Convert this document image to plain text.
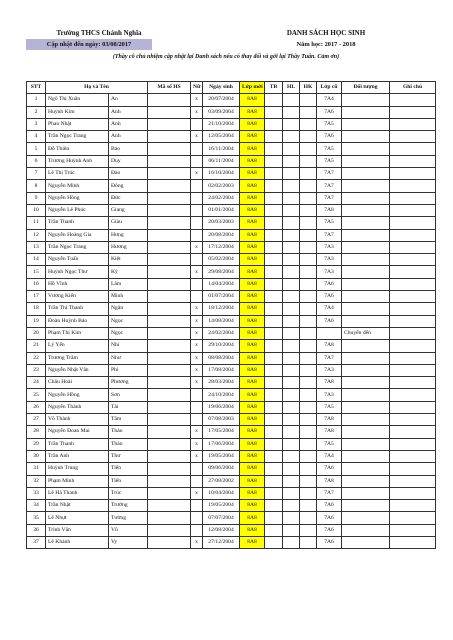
Trường THCS Chánh Nghĩa
Cập nhật đến ngày: 03/08/2017
DANH SÁCH HỌC SINH
Năm học: 2017 - 2018
(Thầy cô chủ nhiệm cập nhật lại Danh sách nếu có thay đổi và gởi lại Thầy Tuấn. Cảm ơn)
STT	Họ và Tên		Mã số HS	Nữ	Ngày sinh	Lớp mới	TB	HL	HK	Lớp cũ	Đối tượng	Ghi chú
1	Ngô Thị Xuân	An		x	20/07/2004	8A8				7A4		
2	Huỳnh Kim	Anh		x	03/09/2004	8A8				7A6		
3	Phan Nhật	Anh			21/10/2004	8A8				7A5		
4	Trần Ngọc Trang	Anh		x	12/05/2004	8A8				7A6		
5	Đỗ Thiên	Bảo			16/11/2004	8A8				7A5		
6	Trương Huỳnh Anh	Duy			06/11/2004	8A8				7A5		
7	Lê Thị Trúc	Đào		x	16/10/2004	8A8				7A7		
8	Nguyễn Minh	Đông			02/02/2003	8A8				7A7		
9	Nguyễn Hồng	Đức			24/02/2004	8A8				7A7		
10	Nguyễn Lê Phúc	Giang			01/01/2004	8A8				7A8		
11	Trần Thanh	Giàu			20/03/2003	8A8				7A5		
12	Nguyễn Hoàng Gia	Hưng			20/08/2004	8A8				7A7		
13	Trần Ngọc Trang	Hương		x	17/12/2004	8A8				7A3		
14	Nguyễn Tuấn	Kiệt			05/02/2004	8A8				7A3		
15	Huỳnh Ngọc Thư	Kỳ		x	29/08/2004	8A8				7A3		
16	Hồ Vĩnh	Lâm			14/04/2004	8A8				7A6		
17	Vương Kiến	Minh			01/07/2004	8A8				7A6		
18	Trần Thị Thanh	Ngân		x	18/12/2004	8A8				7A4		
19	Đoàn Huỳnh Bảo	Ngọc		x	14/08/2004	8A8				7A6		
20	Phạm Thị Kim	Ngọc		x	24/02/2004	8A8					Chuyển đến	
21	Lý Yến	Nhi		x	29/10/2004	8A8				7A8		
22	Trương Trâm	Như		x	08/08/2004	8A8				7A7		
23	Nguyễn Nhật Văn	Phi		x	17/08/2004	8A8				7A3		
24	Châu Hoài	Phương		x	28/03/2004	8A8				7A8		
25	Nguyễn Hồng	Sơn			24/10/2004	8A8				7A3		
26	Nguyễn Thành	Tài			19/06/2004	8A8				7A5		
27	Võ Thành	Tâm			07/08/2003	8A8				7A8		
28	Nguyễn Đoan Mai	Thảo		x	17/05/2004	8A8				7A8		
29	Trần Thanh	Thảo		x	17/06/2004	8A8				7A5		
30	Trần Anh	Thư		x	19/05/2004	8A8				7A4		
31	Huỳnh Trung	Tiến			09/06/2004	8A8				7A6		
32	Phạm Minh	Tiến			27/08/2002	8A8				7A8		
33	Lê Hà Thanh	Trúc		x	10/04/2004	8A8				7A7		
34	Trần Nhật	Trường			19/05/2004	8A8				7A6		
35	Lê Nhựt	Tường			07/07/2004	8A8				7A6		
36	Trình Văn	Vũ			12/08/2004	8A8				7A6		
37	Lê Khánh	Vy		x	27/12/2004	8A8				7A6		
